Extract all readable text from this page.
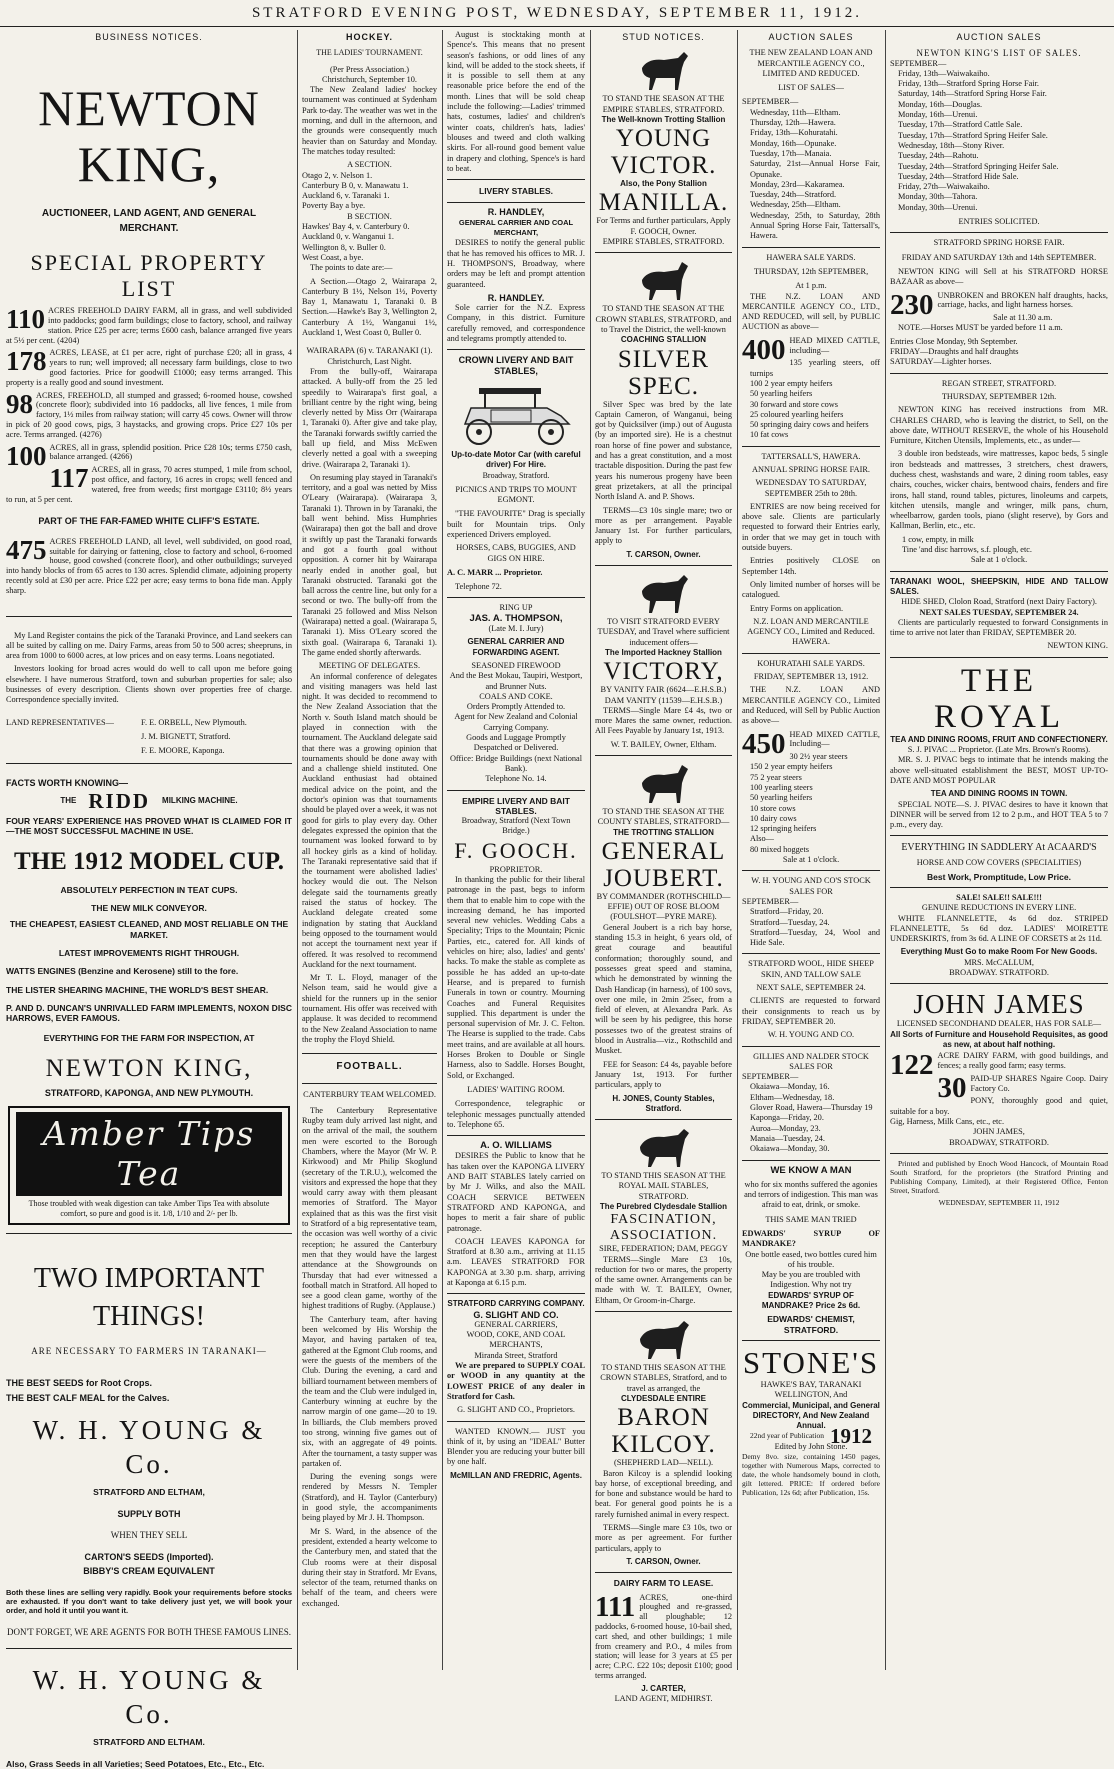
STRATFORD EVENING POST, WEDNESDAY, SEPTEMBER 11, 1912.
BUSINESS NOTICES.
NEWTON KING,
AUCTIONEER, LAND AGENT, AND GENERAL MERCHANT.
SPECIAL PROPERTY LIST
110 ACRES FREEHOLD DAIRY FARM, all in grass, and well subdivided into paddocks; good farm buildings; close to factory, school, and railway station. Price £25 per acre; terms £600 cash, balance arranged five years at 5½ per cent. (4204)
178 ACRES, LEASE, at £1 per acre, right of purchase £20; all in grass, 4 years to run; well improved; all necessary farm buildings, close to two good factories. Price for goodwill £1000; easy terms arranged. This property is a really good and sound investment.
98 ACRES, FREEHOLD, all stumped and grassed; 6-roomed house, cowshed (concrete floor); subdivided into 16 paddocks, all live fences, 1 mile from factory, 1½ miles from railway station; will carry 45 cows. Owner will throw in pick of 20 good cows, pigs, 3 haystacks, and growing crops. Price £27 10s per acre. Terms arranged. (4276)
100 ACRES, all in grass, splendid position. Price £28 10s; terms £750 cash, balance arranged. (4266)
117 ACRES, all in grass, 70 acres stumped, 1 mile from school, post office, and factory, 16 acres in crops; well fenced and watered, free from weeds; first mortgage £3110; 8½ years to run, at 5 per cent.
PART OF THE FAR-FAMED WHITE CLIFF'S ESTATE.
475 ACRES FREEHOLD LAND, all level, well subdivided, on good road, suitable for dairying or fattening, close to factory and school, 6-roomed house, good cowshed (concrete floor), and other outbuildings; surveyed into handy blocks of from 65 acres to 130 acres. Splendid climate, adjoining property recently sold at £30 per acre. Price £22 per acre; easy terms to bona fide man. Apply sharp.

My Land Register contains the pick of the Taranaki Province, and Land seekers can all be suited by calling on me. Dairy Farms, areas from 50 to 500 acres; sheepruns, in area from 1000 to 6000 acres, at low prices and on easy terms. Loans negotiated.

Investors looking for broad acres would do well to call upon me before going elsewhere. I have numerous Stratford, town and suburban properties for sale; also businesses of every description. Clients shown over properties free of charge. Correspondence specially invited.

LAND REPRESENTATIVES—	F. E. ORBELL, New Plymouth.
J. M. BIGNETT, Stratford.
F. E. MOORE, Kaponga.
FACTS WORTH KNOWING—
THE RIDD MILKING MACHINE.
FOUR YEARS' EXPERIENCE HAS PROVED WHAT IS CLAIMED FOR IT—THE MOST SUCCESSFUL MACHINE IN USE.
THE 1912 MODEL CUP.
ABSOLUTELY PERFECTION IN TEAT CUPS.
THE NEW MILK CONVEYOR.
THE CHEAPEST, EASIEST CLEANED, AND MOST RELIABLE ON THE MARKET.
LATEST IMPROVEMENTS RIGHT THROUGH.
WATTS ENGINES (Benzine and Kerosene) still to the fore.
THE LISTER SHEARING MACHINE, THE WORLD'S BEST SHEAR.
P. AND D. DUNCAN'S UNRIVALLED FARM IMPLEMENTS, NOXON DISC HARROWS, EVER FAMOUS.
EVERYTHING FOR THE FARM FOR INSPECTION, AT
NEWTON KING,
STRATFORD, KAPONGA, AND NEW PLYMOUTH.
Amber Tips Tea
Those troubled with weak digestion can take Amber Tips Tea with absolute comfort, so pure and good is it. 1/8, 1/10 and 2/- per lb.
TWO IMPORTANT THINGS!
ARE NECESSARY TO FARMERS IN TARANAKI—
THE BEST SEEDS for Root Crops.
THE BEST CALF MEAL for the Calves.
W. H. YOUNG & Co.
STRATFORD AND ELTHAM,
SUPPLY BOTH
WHEN THEY SELL
CARTON'S SEEDS (Imported).
BIBBY'S CREAM EQUIVALENT
Both these lines are selling very rapidly. Book your requirements before stocks are exhausted. If you don't want to take delivery just yet, we will book your order, and hold it until you want it.
DON'T FORGET, WE ARE AGENTS FOR BOTH THESE FAMOUS LINES.
W. H. YOUNG & Co.
STRATFORD AND ELTHAM.
Also, Grass Seeds in all Varieties; Seed Potatoes, Etc., Etc., Etc.
HOCKEY.
THE LADIES' TOURNAMENT.
(Per Press Association.)
Christchurch, September 10.

The New Zealand ladies' hockey tournament was continued at Sydenham Park to-day. The weather was wet in the morning, and dull in the afternoon, and the grounds were consequently much heavier than on Saturday and Monday. The matches today resulted:

A SECTION.
Otago 2, v. Nelson 1.
Canterbury B 0, v. Manawatu 1.
Auckland 6, v. Taranaki 1.
Poverty Bay a bye.
B SECTION.
Hawkes' Bay 4, v. Canterbury 0.
Auckland 0, v. Wanganui 1.
Wellington 8, v. Buller 0.
West Coast, a bye.

The points to date are:—

A Section.—Otago 2, Wairarapa 2, Canterbury B 1½, Nelson 1½, Poverty Bay 1, Manawatu 1, Taranaki 0. B Section.—Hawke's Bay 3, Wellington 2, Canterbury A 1½, Wanganui 1½, Auckland 1, West Coast 0, Buller 0.

WAIRARAPA (6) v. TARANAKI (1).
Christchurch, Last Night.

From the bully-off, Wairarapa attacked. A bully-off from the 25 led speedily to Wairarapa's first goal, a brilliant centre by the right wing, being cleverly netted by Miss Orr (Wairarapa 1, Taranaki 0). After give and take play, the Taranaki forwards swiftly carried the ball up field, and Miss McEwen cleverly netted a goal with a sweeping drive. (Wairarapa 2, Taranaki 1).

On resuming play stayed in Taranaki's territory, and a goal was netted by Miss O'Leary (Wairarapa). (Wairarapa 3, Taranaki 1). Thrown in by Taranaki, the ball went behind. Miss Humphries (Wairarapa) then got the ball and drove it swiftly up past the Taranaki forwards and got a fourth goal without opposition. A corner hit by Wairarapa nearly ended in another goal, but Taranaki obstructed. Taranaki got the ball across the centre line, but only for a second or two. The bully-off from the Taranaki 25 followed and Miss Nelson (Wairarapa) netted a goal. (Wairarapa 5, Taranaki 1). Miss O'Leary scored the sixth goal. (Wairarapa 6, Taranaki 1). The game ended shortly afterwards.

MEETING OF DELEGATES.

An informal conference of delegates and visiting managers was held last night. It was decided to recommend to the New Zealand Association that the North v. South Island match should be played in connection with the tournament. The Auckland delegate said that there was a growing opinion that tournaments should be done away with and a challenge shield instituted. One Auckland enthusiast had obtained medical advice on the point, and the doctor's opinion was that tournaments should be played over a week, it was not good for girls to play every day. Other delegates expressed the opinion that the tournament was looked forward to by all hockey girls as a kind of holiday. The Taranaki representative said that if the tournament were abolished ladies' hockey would die out. The Nelson delegate said the tournaments greatly raised the status of hockey. The Auckland delegate created some indignation by stating that Auckland being opposed to the tournament would not accept the tournament next year if offered. It was resolved to recommend Auckland for the next tournament.

Mr T. L. Floyd, manager of the Nelson team, said he would give a shield for the runners up in the senior tournament. His offer was received with applause. It was decided to recommend to the New Zealand Association to name the trophy the Floyd Shield.

FOOTBALL.
CANTERBURY TEAM WELCOMED.

The Canterbury Representative Rugby team duly arrived last night, and on the arrival of the mail, the southern men were escorted to the Borough Chambers, where the Mayor (Mr W. P. Kirkwood) and Mr Philip Skoglund (secretary of the T.R.U.), welcomed the visitors and expressed the hope that they would carry away with them pleasant memories of Stratford. The Mayor explained that as this was the first visit to Stratford of a big representative team, the occasion was well worthy of a civic reception; he assured the Canterbury men that they would have the largest attendance at the Showgrounds on Thursday that had ever witnessed a football match in Stratford. All hoped to see a good clean game, worthy of the highest traditions of Rugby. (Applause.)

The Canterbury team, after having been welcomed by His Worship the Mayor, and having partaken of tea, gathered at the Egmont Club rooms, and were the guests of the members of the Club. During the evening, a card and billiard tournament between members of the team and the Club were indulged in, Canterbury winning at euchre by the narrow margin of one game—20 to 19. In billiards, the Club members proved too strong, winning five games out of six, with an aggregate of 49 points. After the tournament, a tasty supper was partaken of.

During the evening songs were rendered by Messrs N. Templer (Stratford), and H. Taylor (Canterbury) in good style, the accompaniments being played by Mr J. H. Thompson.

Mr S. Ward, in the absence of the president, extended a hearty welcome to the Canterbury men, and stated that the Club rooms were at their disposal during their stay in Stratford. Mr Evans, selector of the team, returned thanks on behalf of the team, and cheers were exchanged.

August is stocktaking month at Spence's. This means that no present season's fashions, or odd lines of any kind, will be added to the stock sheets, if it is possible to sell them at any reasonable price before the end of the month. Lines that will be sold cheap include the following:—Ladies' trimmed hats, costumes, ladies' and children's winter coats, children's hats, ladies' blouses and tweed and cloth walking skirts. For all-round good bement value in drapery and clothing, Spence's is hard to beat.

LIVERY STABLES.
R. HANDLEY,
GENERAL CARRIER AND COAL MERCHANT,

DESIRES to notify the general public that he has removed his offices to MR. J. H. THOMPSON'S, Broadway, where orders may be left and prompt attention guaranteed.

R. HANDLEY.

Sole carrier for the N.Z. Express Company, in this district. Furniture carefully removed, and correspondence and telegrams promptly attended to.

CROWN LIVERY AND BAIT STABLES,
Up-to-date Motor Car (with careful driver) For Hire.
Broadway, Stratford.
PICNICS AND TRIPS TO MOUNT EGMONT.

"THE FAVOURITE" Drag is specially built for Mountain trips. Only experienced Drivers employed.

HORSES, CABS, BUGGIES, AND GIGS ON HIRE.
A. C. MARR ... Proprietor.
Telephone 72.
RING UP
JAS. A. THOMPSON,
(Late M. I. Jury)
GENERAL CARRIER AND FORWARDING AGENT.
SEASONED FIREWOOD
And the Best Mokau, Taupiri, Westport, and Brunner Nuts.
COALS AND COKE.
Orders Promptly Attended to.
Agent for New Zealand and Colonial Carrying Company.
Goods and Luggage Promptly Despatched or Delivered.
Office: Bridge Buildings (next National Bank).
Telephone No. 14.
EMPIRE LIVERY AND BAIT STABLES.
Broadway, Stratford (Next Town Bridge.)
F. GOOCH.
PROPRIETOR.

In thanking the public for their liberal patronage in the past, begs to inform them that to enable him to cope with the increasing demand, he has imported several new vehicles. Wedding Cabs a Speciality; Trips to the Mountain; Picnic Parties, etc., catered for. All kinds of vehicles on hire; also, ladies' and gents' hacks. To make the stable as complete as possible he has added an up-to-date Hearse, and is prepared to furnish Funerals in town or country. Mourning Coaches and Funeral Requisites supplied. This department is under the personal supervision of Mr. J. C. Felton. The Hearse is supplied to the trade. Cabs meet trains, and are available at all hours. Horses Broken to Double or Single Harness, also to Saddle. Horses Bought, Sold, or Exchanged.

LADIES' WAITING ROOM.

Correspondence, telegraphic or telephonic messages punctually attended to. Telephone 65.

A. O. WILLIAMS

DESIRES the Public to know that he has taken over the KAPONGA LIVERY AND BAIT STABLES lately carried on by Mr J. Wilks, and also the MAIL COACH SERVICE BETWEEN STRATFORD AND KAPONGA, and hopes to merit a fair share of public patronage.

COACH LEAVES KAPONGA for Stratford at 8.30 a.m., arriving at 11.15 a.m. LEAVES STRATFORD FOR KAPONGA at 3.30 p.m. sharp, arriving at Kaponga at 6.15 p.m.

STRATFORD CARRYING COMPANY.
G. SLIGHT AND CO.
GENERAL CARRIERS,
WOOD, COKE, AND COAL MERCHANTS,
Miranda Street, Stratford

We are prepared to SUPPLY COAL or WOOD in any quantity at the LOWEST PRICE of any dealer in Stratford for Cash.

G. SLIGHT AND CO., Proprietors.

WANTED KNOWN.— JUST you think of it, by using an "IDEAL" Butter Blender you are reducing your butter bill by one half.

McMILLAN AND FREDRIC, Agents.
STUD NOTICES.
TO STAND THE SEASON AT THE EMPIRE STABLES, STRATFORD.
The Well-known Trotting Stallion
YOUNG VICTOR.
Also, the Pony Stallion
MANILLA.
For Terms and further particulars, Apply
F. GOOCH, Owner.
EMPIRE STABLES, STRATFORD.
TO STAND THE SEASON AT THE CROWN STABLES, STRATFORD, and to Travel the District, the well-known
COACHING STALLION
SILVER SPEC.

Silver Spec was bred by the late Captain Cameron, of Wanganui, being got by Quicksilver (imp.) out of Augusta (by an imported sire). He is a chestnut roan horse of fine power and substance, and has a great constitution, and a most tractable disposition. During the past few years his numerous progeny have been great prizetakers, at all the principal North Island A. and P. Shows.

TERMS—£3 10s single mare; two or more as per arrangement. Payable January 1st. For further particulars, apply to

T. CARSON, Owner.
TO VISIT STRATFORD EVERY TUESDAY, and Travel where sufficient inducement offers—
The Imported Hackney Stallion
VICTORY,
BY VANITY FAIR (6624—E.H.S.B.) DAM VANITY (11539—E.H.S.B.)

TERMS—Single Mare £4 4s, two or more Mares the same owner, reduction. All Fees Payable by January 1st, 1913.

W. T. BAILEY, Owner, Eltham.
TO STAND THE SEASON AT THE COUNTY STABLES, STRATFORD—
THE TROTTING STALLION
GENERAL JOUBERT.
BY COMMANDER (ROTHSCHILD—EFFIE) OUT OF ROSE BLOOM (FOULSHOT—PYRE MARE).

General Joubert is a rich bay horse, standing 15.3 in height, 6 years old, of great courage and beautiful conformation; thoroughly sound, and possesses great speed and stamina, which he demonstrated by winning the Dash Handicap (in harness), of 100 sovs, over one mile, in 2min 25sec, from a field of eleven, at Alexandra Park. As will be seen by his pedigree, this horse possesses two of the greatest strains of blood in Australia—viz., Rothschild and Musket.

FEE for Season: £4 4s, payable before January 1st, 1913. For further particulars, apply to

H. JONES, County Stables, Stratford.
TO STAND THIS SEASON AT THE ROYAL MAIL STABLES, STRATFORD.
The Purebred Clydesdale Stallion
FASCINATION, ASSOCIATION.
SIRE, FEDERATION; DAM, PEGGY

TERMS—Single Mare £3 10s, reduction for two or mares, the property of the same owner. Arrangements can be made with W. T. BAILEY, Owner, Eltham, Or Groom-in-Charge.

TO STAND THIS SEASON AT THE CROWN STABLES, Stratford, and to travel as arranged, the
CLYDESDALE ENTIRE
BARON KILCOY.
(SHEPHERD LAD—NELL).

Baron Kilcoy is a splendid looking bay horse, of exceptional breeding, and for bone and substance would be hard to beat. For general good points he is a rarely furnished animal in every respect.

TERMS—Single mare £3 10s, two or more as per agreement. For further particulars, apply to

T. CARSON, Owner.
DAIRY FARM TO LEASE.
111 ACRES, one-third ploughed and re-grassed, all ploughable; 12 paddocks, 6-roomed house, 10-bail shed, cart shed, and other buildings; 1 mile from creamery and P.O., 4 miles from station; will lease for 3 years at £5 per acre; C.P.C. £22 10s; deposit £100; good terms arranged.
J. CARTER,
LAND AGENT, MIDHIRST.
AUCTION SALES
THE NEW ZEALAND LOAN AND MERCANTILE AGENCY CO., LIMITED AND REDUCED.
LIST OF SALES—
SEPTEMBER—
Wednesday, 11th—Eltham.
Thursday, 12th—Hawera.
Friday, 13th—Kohuratahi.
Monday, 16th—Opunake.
Tuesday, 17th—Manaia.
Saturday, 21st—Annual Horse Fair, Opunake.
Monday, 23rd—Kakaramea.
Tuesday, 24th—Stratford.
Wednesday, 25th—Eltham.
Wednesday, 25th, to Saturday, 28th Annual Spring Horse Fair, Tattersall's, Hawera.
HAWERA SALE YARDS.
THURSDAY, 12th SEPTEMBER,
At 1 p.m.

THE N.Z. LOAN AND MERCANTILE AGENCY CO., LTD., AND REDUCED, will sell, by PUBLIC AUCTION as above—

400 HEAD MIXED CATTLE, including—
135 yearling steers, off turnips
100 2 year empty heifers
50 yearling heifers
30 forward and store cows
25 coloured yearling heifers
50 springing dairy cows and heifers
10 fat cows
TATTERSALL'S, HAWERA.
ANNUAL SPRING HORSE FAIR.
WEDNESDAY TO SATURDAY, SEPTEMBER 25th to 28th.

ENTRIES are now being received for above sale. Clients are particularly requested to forward their Entries early, in order that we may get in touch with outside buyers.

Entries positively CLOSE on September 14th.

Only limited number of horses will be catalogued.

Entry Forms on application.

N.Z. LOAN AND MERCANTILE AGENCY CO., Limited and Reduced. HAWERA.
KOHURATAHI SALE YARDS.
FRIDAY, SEPTEMBER 13, 1912.

THE N.Z. LOAN AND MERCANTILE AGENCY CO., Limited and Reduced, will Sell by Public Auction as above—

450 HEAD MIXED CATTLE, Including—
30 2½ year steers
150 2 year empty heifers
75 2 year steers
100 yearling steers
50 yearling heifers
10 store cows
10 dairy cows
12 springing heifers
Also—
80 mixed hoggets
Sale at 1 o'clock.
W. H. YOUNG AND CO'S STOCK SALES FOR
SEPTEMBER—
Stratford—Friday, 20.
Stratford—Tuesday, 24.
Stratford—Tuesday, 24, Wool and Hide Sale.
STRATFORD WOOL, HIDE SHEEP SKIN, AND TALLOW SALE
NEXT SALE, SEPTEMBER 24.

CLIENTS are requested to forward their consignments to reach us by FRIDAY, SEPTEMBER 20.

W. H. YOUNG AND CO.
GILLIES AND NALDER STOCK SALES FOR
SEPTEMBER—
Okaiawa—Monday, 16.
Eltham—Wednesday, 18.
Glover Road, Hawera—Thursday 19
Kaponga—Friday, 20.
Auroa—Monday, 23.
Manaia—Tuesday, 24.
Okaiawa—Monday, 30.
WE KNOW A MAN
who for six months suffered the agonies and terrors of indigestion. This man was afraid to eat, drink, or smoke.
THIS SAME MAN TRIED
EDWARDS' SYRUP OF MANDRAKE?
One bottle eased, two bottles cured him of his trouble.
May be you are troubled with Indigestion. Why not try
EDWARDS' SYRUP OF MANDRAKE? Price 2s 6d.
EDWARDS' CHEMIST, STRATFORD.
STONE'S
HAWKE'S BAY, TARANAKI WELLINGTON, And
Commercial, Municipal, and General DIRECTORY, And New Zealand Annual.
22nd year of Publication 1912
Edited by John Stone.
Demy 8vo. size, containing 1450 pages, together with Numerous Maps, corrected to date, the whole handsomely bound in cloth, gilt lettered. PRICE: If ordered before Publication, 12s 6d; after Publication, 15s.
AUCTION SALES
NEWTON KING'S LIST OF SALES.
SEPTEMBER—
Friday, 13th—Waiwakaiho.
Friday, 13th—Stratford Spring Horse Fair.
Saturday, 14th—Stratford Spring Horse Fair.
Monday, 16th—Douglas.
Monday, 16th—Urenui.
Tuesday, 17th—Stratford Cattle Sale.
Tuesday, 17th—Stratford Spring Heifer Sale.
Wednesday, 18th—Stony River.
Tuesday, 24th—Rahotu.
Tuesday, 24th—Stratford Springing Heifer Sale.
Tuesday, 24th—Stratford Hide Sale.
Friday, 27th—Waiwakaiho.
Monday, 30th—Tahora.
Monday, 30th—Urenui.
ENTRIES SOLICITED.
STRATFORD SPRING HORSE FAIR.
FRIDAY AND SATURDAY 13th and 14th SEPTEMBER.

NEWTON KING will Sell at his STRATFORD HORSE BAZAAR as above—

230 UNBROKEN and BROKEN half draughts, hacks, carriage, hacks, and light harness horses.
Sale at 11.30 a.m.

NOTE.—Horses MUST be yarded before 11 a.m.

Entries Close Monday, 9th September.
FRIDAY—Draughts and half draughts
SATURDAY—Lighter horses.
REGAN STREET, STRATFORD.
THURSDAY, SEPTEMBER 12th.

NEWTON KING has received instructions from MR. CHARLES CHARD, who is leaving the district, to Sell, on the above date, WITHOUT RESERVE, the whole of his Household Furniture, Kitchen Utensils, Implements, etc., as under—

3 double iron bedsteads, wire mattresses, kapoc beds, 5 single iron bedsteads and mattresses, 3 stretchers, chest drawers, duchess chest, washstands and ware, 2 dining room tables, easy chairs, couches, wicker chairs, bentwood chairs, fenders and fire irons, hall stand, round tables, pictures, linoleums and carpets, kitchen utensils, mangle and wringer, milk pans, churn, wheelbarrow, garden tools, piano (slight reserve), by Gors and Kallman, Berlin, etc., etc.

1 cow, empty, in milk
Tine 'and disc harrows, s.f. plough, etc.
Sale at 1 o'clock.
TARANAKI WOOL, SHEEPSKIN, HIDE AND TALLOW SALES.
HIDE SHED, Clolon Road, Stratford (next Dairy Factory).
NEXT SALES TUESDAY, SEPTEMBER 24.

Clients are particularly requested to forward Consignments in time to arrive not later than FRIDAY, SEPTEMBER 20.

NEWTON KING.
THE ROYAL
TEA AND DINING ROOMS, FRUIT AND CONFECTIONERY.
S. J. PIVAC ... Proprietor. (Late Mrs. Brown's Rooms).

MR. S. J. PIVAC begs to intimate that he intends making the above well-situated establishment the BEST, MOST UP-TO-DATE AND MOST POPULAR

TEA AND DINING ROOMS IN TOWN.

SPECIAL NOTE—S. J. PIVAC desires to have it known that DINNER will be served from 12 to 2 p.m., and HOT TEA 5 to 7 p.m., every day.

EVERYTHING IN SADDLERY At ACAARD'S
HORSE AND COW COVERS (SPECIALITIES)
Best Work, Promptitude, Low Price.
SALE! SALE!! SALE!!!
GENUINE REDUCTIONS IN EVERY LINE.

WHITE FLANNELETTE, 4s 6d doz. STRIPED FLANNELETTE, 5s 6d doz. LADIES' MOIRETTE UNDERSKIRTS, from 3s 6d. A LINE OF CORSETS at 2s 11d.

Everything Must Go to make Room For New Goods.
MRS. McCALLUM,
BROADWAY. STRATFORD.
JOHN JAMES
LICENSED SECONDHAND DEALER, HAS FOR SALE—
All Sorts of Furniture and Household Requisites, as good as new, at about half nothing.
122 ACRE DAIRY FARM, with good buildings, and fences; a really good farm; easy terms.
30 PAID-UP SHARES Ngaire Coop. Dairy Factory Co.
PONY, thoroughly good and quiet, suitable for a boy.
Gig, Harness, Milk Cans, etc., etc.
JOHN JAMES,
BROADWAY, STRATFORD.

Printed and published by Enoch Wood Hancock, of Mountain Road South Stratford, for the proprietors (the Stratford Printing and Publishing Company, Limited), at their Registered Office, Fenton Street, Stratford.

WEDNESDAY, SEPTEMBER 11, 1912
